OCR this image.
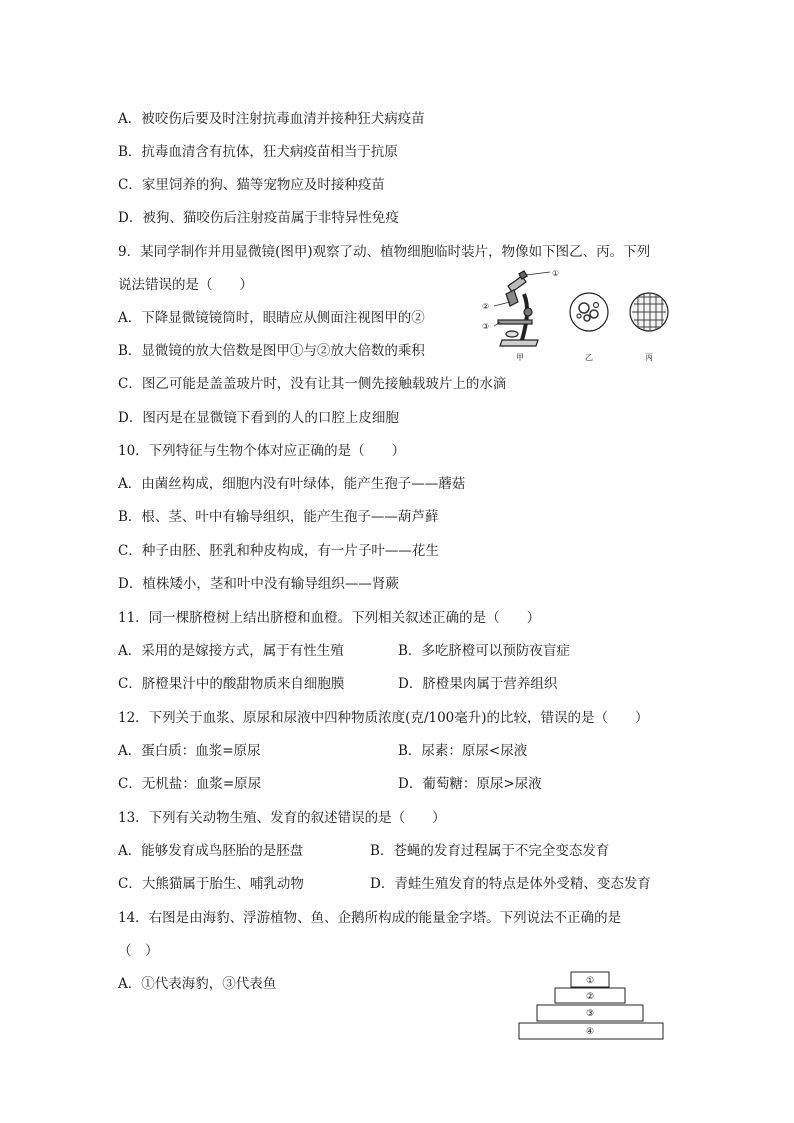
A．被咬伤后要及时注射抗毒血清并接种狂犬病疫苗
B．抗毒血清含有抗体，狂犬病疫苗相当于抗原
C．家里饲养的狗、猫等宠物应及时接种疫苗
D．被狗、猫咬伤后注射疫苗属于非特异性免疫
9．某同学制作并用显微镜(图甲)观察了动、植物细胞临时装片，物像如下图乙、丙。下列
说法错误的是（　　）
A．下降显微镜镜筒时，眼睛应从侧面注视图甲的②
B．显微镜的放大倍数是图甲①与②放大倍数的乘积
C．图乙可能是盖盖玻片时，没有让其一侧先接触载玻片上的水滴
D．图丙是在显微镜下看到的人的口腔上皮细胞
①
②
③
甲	乙	丙
10．下列特征与生物个体对应正确的是（　　）
A．由菌丝构成，细胞内没有叶绿体，能产生孢子——蘑菇
B．根、茎、叶中有输导组织，能产生孢子——葫芦藓
C．种子由胚、胚乳和种皮构成，有一片子叶——花生
D．植株矮小，茎和叶中没有输导组织——肾蕨
11．同一棵脐橙树上结出脐橙和血橙。下列相关叙述正确的是（　　）
A．采用的是嫁接方式，属于有性生殖	B．多吃脐橙可以预防夜盲症
C．脐橙果汁中的酸甜物质来自细胞膜	D．脐橙果肉属于营养组织
12．下列关于血浆、原尿和尿液中四种物质浓度(克/100毫升)的比较，错误的是（　　）
A．蛋白质：血浆=原尿	B．尿素：原尿<尿液
C．无机盐：血浆=原尿	D．葡萄糖：原尿>尿液
13．下列有关动物生殖、发育的叙述错误的是（　　）
A．能够发育成鸟胚胎的是胚盘	B．苍蝇的发育过程属于不完全变态发育
C．大熊猫属于胎生、哺乳动物	D．青蛙生殖发育的特点是体外受精、变态发育
14．右图是由海豹、浮游植物、鱼、企鹅所构成的能量金字塔。下列说法不正确的是
（　）
A．①代表海豹，③代表鱼	①
②
③
④
